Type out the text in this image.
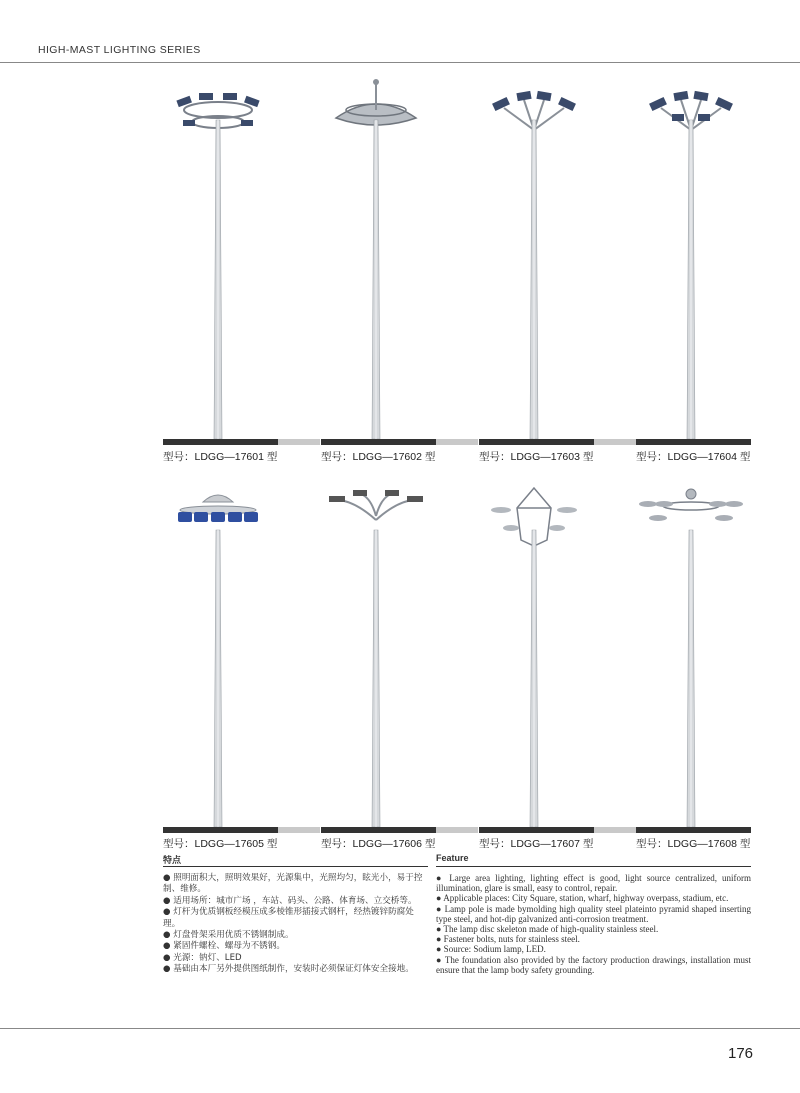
HIGH-MAST LIGHTING SERIES
型号：LDGG—17601 型	型号：LDGG—17602 型	型号：LDGG—17603 型	型号：LDGG—17604 型
型号：LDGG—17605 型	型号：LDGG—17606 型	型号：LDGG—17607 型	型号：LDGG—17608 型
特点	Feature
● 照明面积大，照明效果好，光源集中，光照均匀，眩光小，易于控制、维修。
● 适用场所：城市广场 ，车站、码头、公路、体育场、立交桥等。
● 灯杆为优质钢板经模压成多棱锥形插接式钢杆，经热镀锌防腐处理。
● 灯盘骨架采用优质不锈钢制成。
● 紧固件螺栓、螺母为不锈钢。
● 光源：钠灯、LED
● 基础由本厂另外提供图纸制作，安装时必须保证灯体安全接地。
● Large area lighting, lighting effect is good, light source centralized, uniform illumination, glare is small, easy to control, repair.
● Applicable places: City Square, station, wharf, highway overpass, stadium, etc.
● Lamp pole is made bymolding high quality steel plateinto pyramid shaped inserting type steel, and hot-dip galvanized anti-corrosion treatment.
● The lamp disc skeleton made of high-quality stainless steel.
● Fastener bolts, nuts for stainless steel.
● Source: Sodium lamp, LED.
● The foundation also provided by the factory production drawings, installation must ensure that the lamp body safety grounding.
176
